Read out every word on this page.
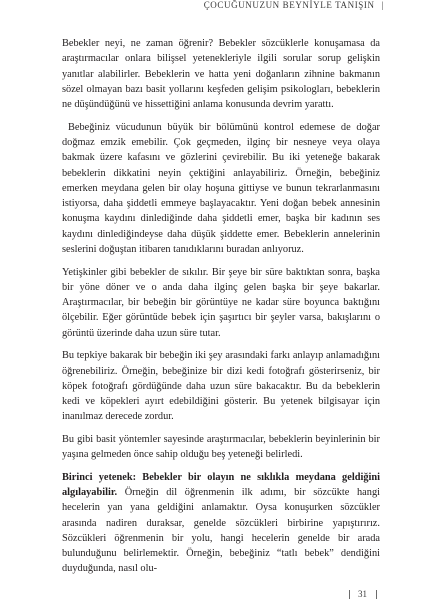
ÇOCUĞUNUZUN BEYNİYLE TANIŞIN |

Bebekler neyi, ne zaman öğrenir? Bebekler sözcüklerle konuşamasa da araştırmacılar onlara bilişsel yetenekleriyle ilgili sorular sorup gelişkin yanıtlar alabilirler. Bebeklerin ve hatta yeni doğanların zihnine bakmanın sözel olmayan bazı basit yollarını keşfeden gelişim psikologları, bebeklerin ne düşündüğünü ve hissettiğini anlama konusunda devrim yarattı.

Bebeğiniz vücudunun büyük bir bölümünü kontrol edemese de doğar doğmaz emzik emebilir. Çok geçmeden, ilginç bir nesneye veya olaya bakmak üzere kafasını ve gözlerini çevirebilir. Bu iki yeteneğe bakarak bebeklerin dikkatini neyin çektiğini anlayabiliriz. Örneğin, bebeğiniz emerken meydana gelen bir olay hoşuna gittiyse ve bunun tekrarlanmasını istiyorsa, daha şiddetli emmeye başlayacaktır. Yeni doğan bebek annesinin konuşma kaydını dinlediğinde daha şiddetli emer, başka bir kadının ses kaydını dinlediğindeyse daha düşük şiddette emer. Bebeklerin annelerinin seslerini doğuştan itibaren tanıdıklarını buradan anlıyoruz.

Yetişkinler gibi bebekler de sıkılır. Bir şeye bir süre baktıktan sonra, başka bir yöne döner ve o anda daha ilginç gelen başka bir şeye bakarlar. Araştırmacılar, bir bebeğin bir görüntüye ne kadar süre boyunca baktığını ölçebilir. Eğer görüntüde bebek için şaşırtıcı bir şeyler varsa, bakışlarını o görüntü üzerinde daha uzun süre tutar.

Bu tepkiye bakarak bir bebeğin iki şey arasındaki farkı anlayıp anlamadığını öğrenebiliriz. Örneğin, bebeğinize bir dizi kedi fotoğrafı gösterirseniz, bir köpek fotoğrafı gördüğünde daha uzun süre bakacaktır. Bu da bebeklerin kedi ve köpekleri ayırt edebildiğini gösterir. Bu yetenek bilgisayar için inanılmaz derecede zordur.

Bu gibi basit yöntemler sayesinde araştırmacılar, bebeklerin beyinlerinin bir yaşına gelmeden önce sahip olduğu beş yeteneği belirledi.

Birinci yetenek: Bebekler bir olayın ne sıklıkla meydana geldiğini algılayabilir. Örneğin dil öğrenmenin ilk adımı, bir sözcükte hangi hecelerin yan yana geldiğini anlamaktır. Oysa konuşurken sözcükler arasında nadiren duraksar, genelde sözcükleri birbirine yapıştırırız. Sözcükleri öğrenmenin bir yolu, hangi hecelerin genelde bir arada bulunduğunu belirlemektir. Örneğin, bebeğiniz “tatlı bebek” dendiğini duyduğunda, nasıl olu-

31
